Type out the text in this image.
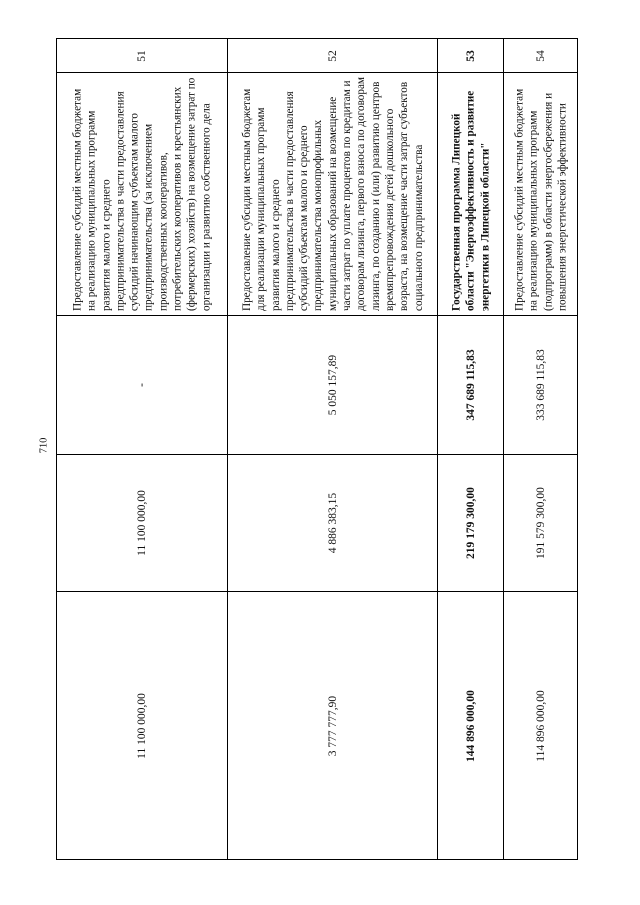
710
51
Предоставление субсидий местным бюджетам на реализацию муниципальных программ развития малого и среднего предпринимательства в части предоставления субсидий начинающим субъектам малого предпринимательства (за исключением производственных кооперативов, потребительских кооперативов и крестьянских (фермерских) хозяйств) на возмещение затрат по организации и развитию собственного дела
-
11 100 000,00
11 100 000,00
52
Предоставление субсидии местным бюджетам для реализации муниципальных программ развития малого и среднего предпринимательства в части предоставления субсидий субъектам малого и среднего предпринимательства монопрофильных муниципальных образований на возмещение части затрат по уплате процентов по кредитам и договорам лизинга, первого взноса по договорам лизинга, по созданию и (или) развитию центров времяпрепровождения детей дошкольного возраста, на возмещение части затрат субъектов социального предпринимательства
5 050 157,89
4 886 383,15
3 777 777,90
53
Государственная программа Липецкой области "Энергоэффективность и развитие энергетики в Липецкой области"
347 689 115,83
219 179 300,00
144 896 000,00
54
Предоставление субсидий местным бюджетам на реализацию муниципальных программ (подпрограмм) в области энергосбережения и повышения энергетической эффективности
333 689 115,83
191 579 300,00
114 896 000,00
